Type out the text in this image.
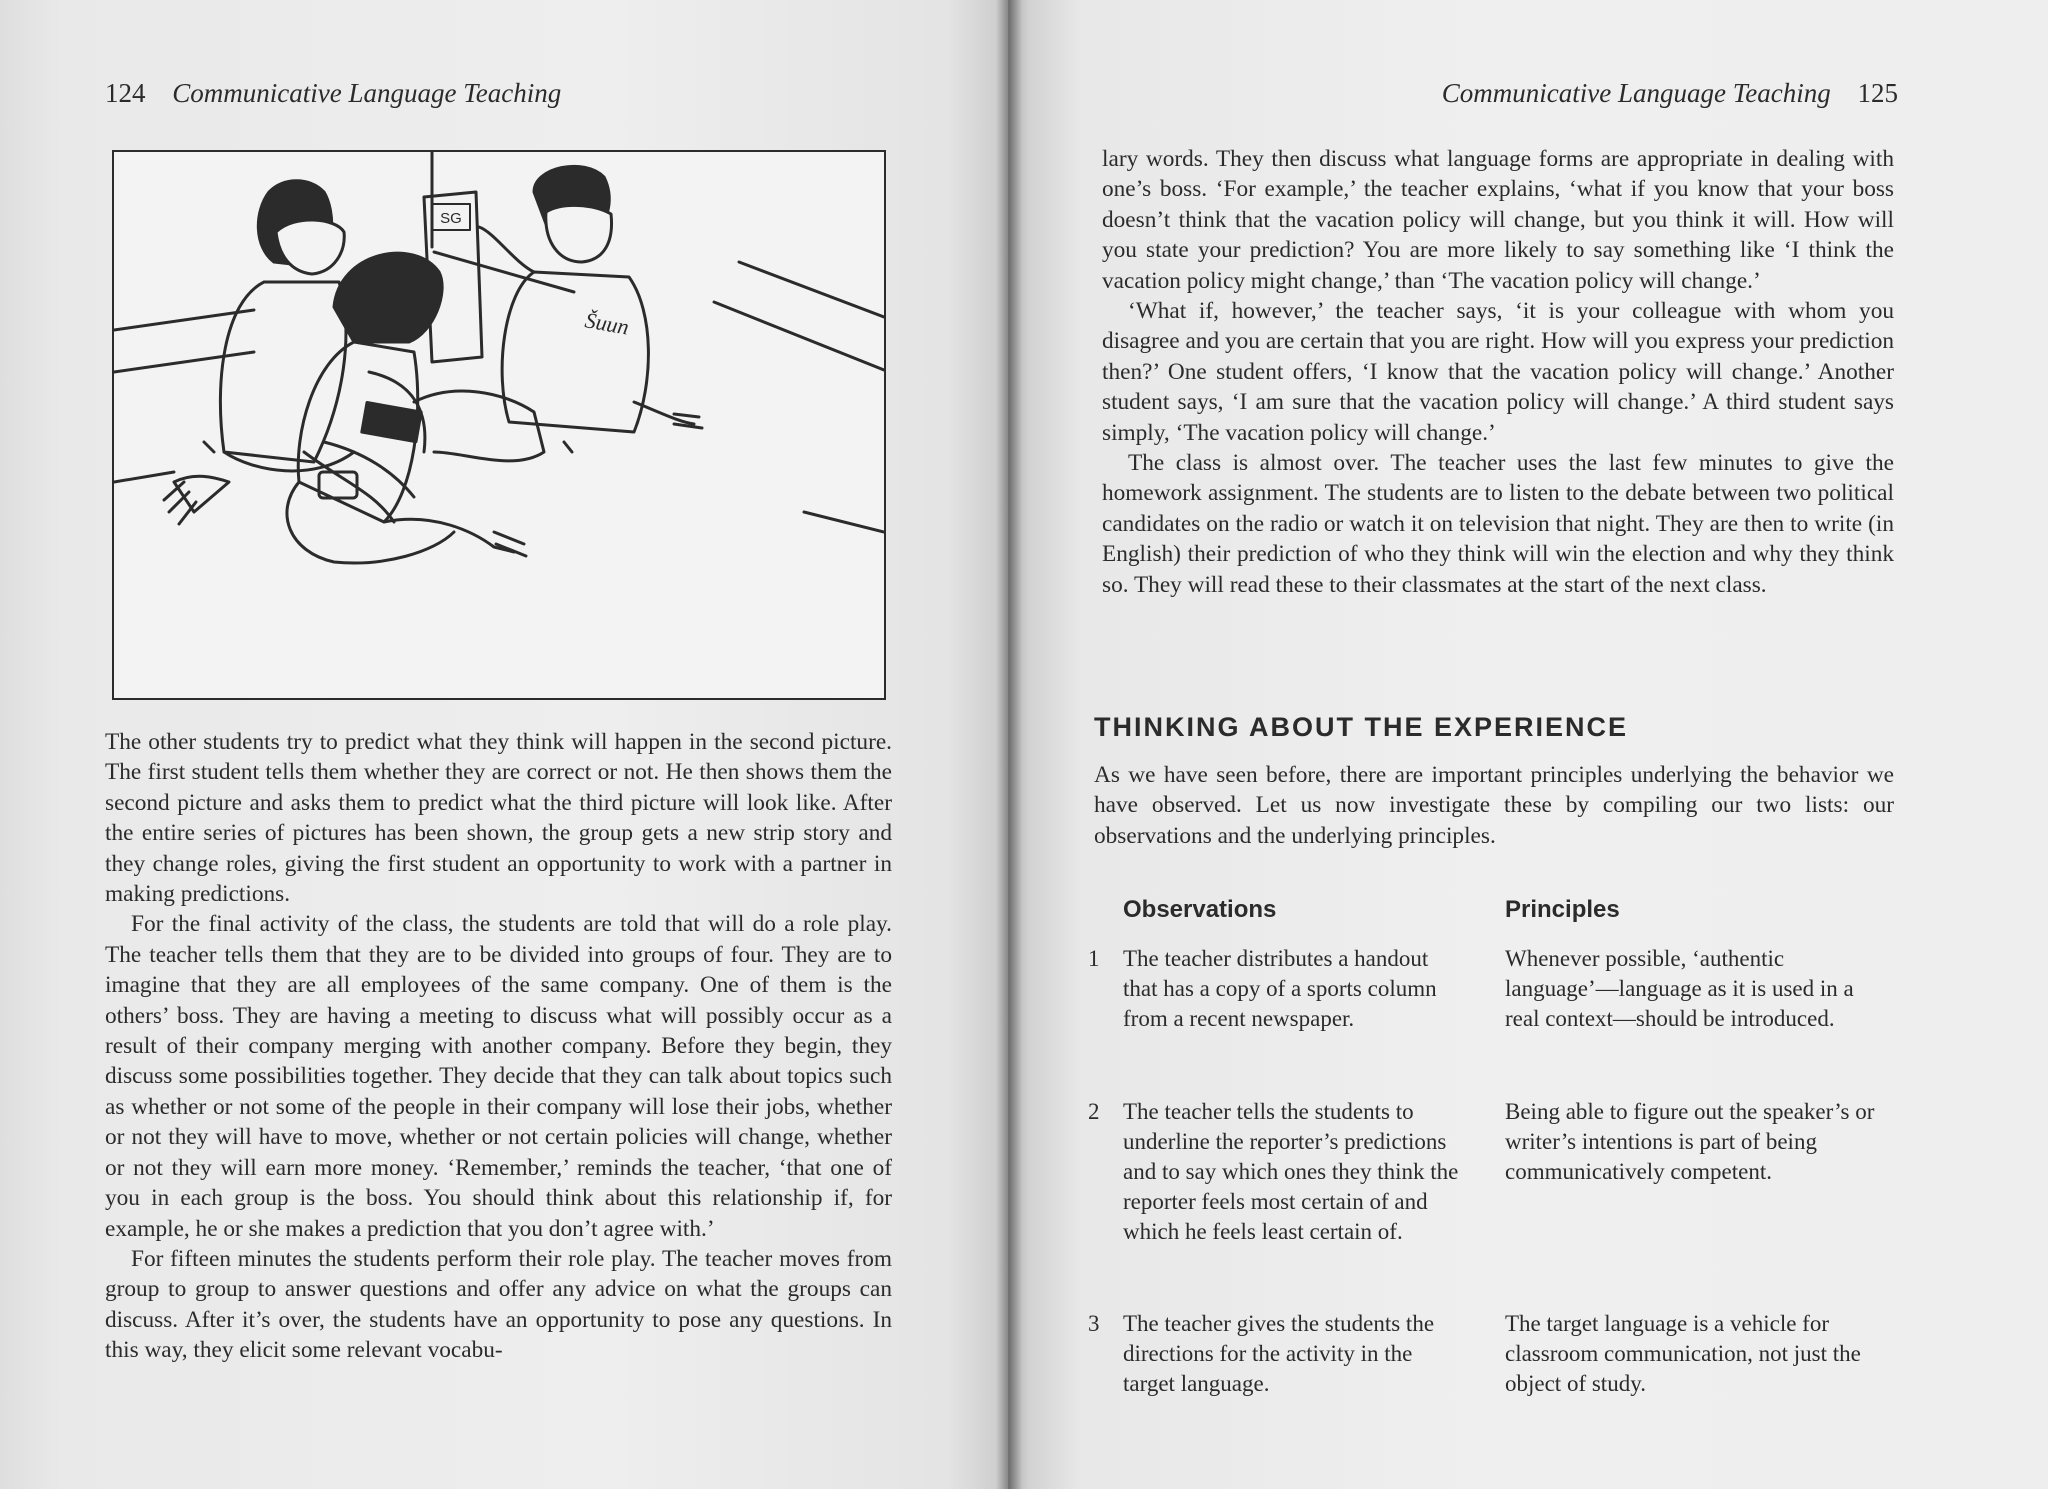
124 Communicative Language Teaching
SG
Šuun

The other students try to predict what they think will happen in the second picture. The first student tells them whether they are correct or not. He then shows them the second picture and asks them to predict what the third picture will look like. After the entire series of pictures has been shown, the group gets a new strip story and they change roles, giving the first student an opportunity to work with a partner in making predictions.

For the final activity of the class, the students are told that will do a role play. The teacher tells them that they are to be divided into groups of four. They are to imagine that they are all employees of the same company. One of them is the others’ boss. They are having a meeting to discuss what will possibly occur as a result of their company merging with another company. Before they begin, they discuss some possibilities together. They decide that they can talk about topics such as whether or not some of the people in their company will lose their jobs, whether or not they will have to move, whether or not certain policies will change, whether or not they will earn more money. ‘Remember,’ reminds the teacher, ‘that one of you in each group is the boss. You should think about this relationship if, for example, he or she makes a prediction that you don’t agree with.’

For fifteen minutes the students perform their role play. The teacher moves from group to group to answer questions and offer any advice on what the groups can discuss. After it’s over, the students have an opportunity to pose any questions. In this way, they elicit some relevant vocabu-

Communicative Language Teaching 125

lary words. They then discuss what language forms are appropriate in dealing with one’s boss. ‘For example,’ the teacher explains, ‘what if you know that your boss doesn’t think that the vacation policy will change, but you think it will. How will you state your prediction? You are more likely to say something like ‘I think the vacation policy might change,’ than ‘The vacation policy will change.’

‘What if, however,’ the teacher says, ‘it is your colleague with whom you disagree and you are certain that you are right. How will you express your prediction then?’ One student offers, ‘I know that the vacation policy will change.’ Another student says, ‘I am sure that the vacation policy will change.’ A third student says simply, ‘The vacation policy will change.’

The class is almost over. The teacher uses the last few minutes to give the homework assignment. The students are to listen to the debate between two political candidates on the radio or watch it on television that night. They are then to write (in English) their prediction of who they think will win the election and why they think so. They will read these to their classmates at the start of the next class.

THINKING ABOUT THE EXPERIENCE

As we have seen before, there are important principles underlying the behavior we have observed. Let us now investigate these by compiling our two lists: our observations and the underlying principles.

Observations	Principles
1 The teacher distributes a handout that has a copy of a sports column from a recent newspaper.
Whenever possible, ‘authentic language’—language as it is used in a real context—should be introduced.
2 The teacher tells the students to underline the reporter’s predictions and to say which ones they think the reporter feels most certain of and which he feels least certain of.
Being able to figure out the speaker’s or writer’s intentions is part of being communicatively competent.
3 The teacher gives the students the directions for the activity in the target language.
The target language is a vehicle for classroom communication, not just the object of study.
